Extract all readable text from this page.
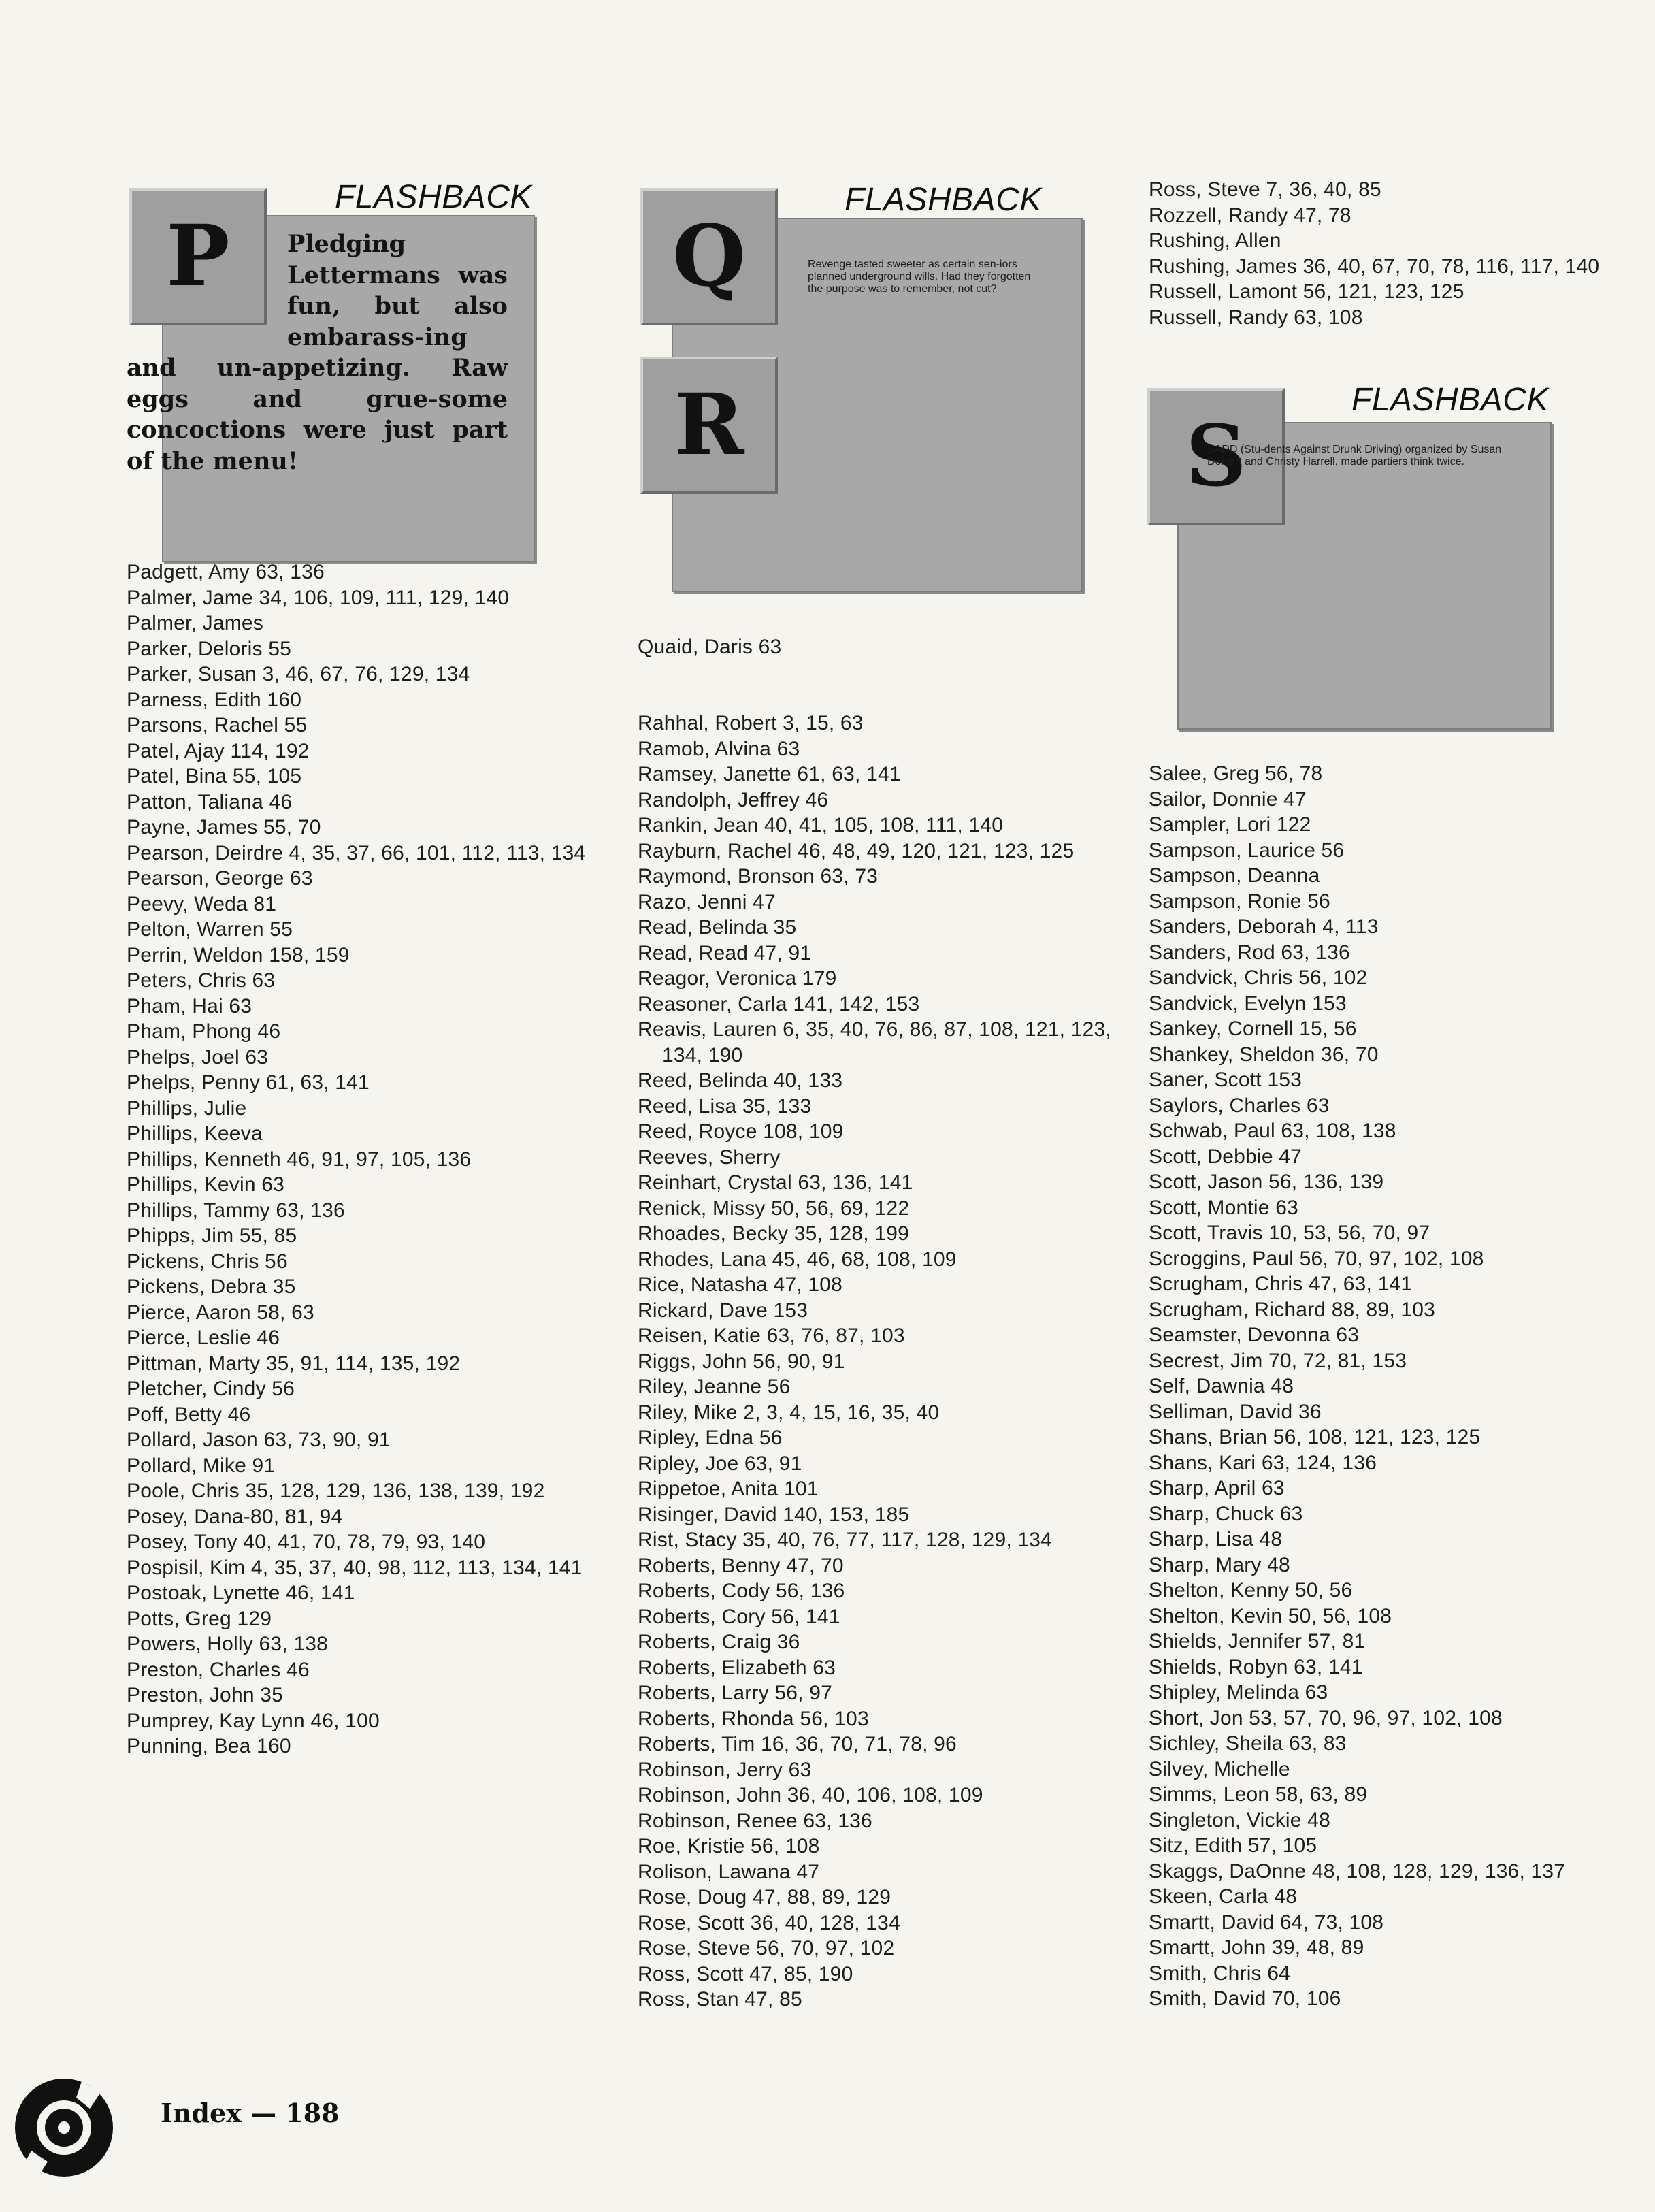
P
FLASHBACK

Pledging Lettermans was fun, but also embarass-ing and un-appetizing. Raw eggs and grue-some concoctions were just part of the menu!

Padgett, Amy 63, 136
Palmer, Jame 34, 106, 109, 111, 129, 140
Palmer, James
Parker, Deloris 55
Parker, Susan 3, 46, 67, 76, 129, 134
Parness, Edith 160
Parsons, Rachel 55
Patel, Ajay 114, 192
Patel, Bina 55, 105
Patton, Taliana 46
Payne, James 55, 70
Pearson, Deirdre 4, 35, 37, 66, 101, 112, 113, 134
Pearson, George 63
Peevy, Weda 81
Pelton, Warren 55
Perrin, Weldon 158, 159
Peters, Chris 63
Pham, Hai 63
Pham, Phong 46
Phelps, Joel 63
Phelps, Penny 61, 63, 141
Phillips, Julie
Phillips, Keeva
Phillips, Kenneth 46, 91, 97, 105, 136
Phillips, Kevin 63
Phillips, Tammy 63, 136
Phipps, Jim 55, 85
Pickens, Chris 56
Pickens, Debra 35
Pierce, Aaron 58, 63
Pierce, Leslie 46
Pittman, Marty 35, 91, 114, 135, 192
Pletcher, Cindy 56
Poff, Betty 46
Pollard, Jason 63, 73, 90, 91
Pollard, Mike 91
Poole, Chris 35, 128, 129, 136, 138, 139, 192
Posey, Dana-80, 81, 94
Posey, Tony 40, 41, 70, 78, 79, 93, 140
Pospisil, Kim 4, 35, 37, 40, 98, 112, 113, 134, 141
Postoak, Lynette 46, 141
Potts, Greg 129
Powers, Holly 63, 138
Preston, Charles 46
Preston, John 35
Pumprey, Kay Lynn 46, 100
Punning, Bea 160
Q
R
FLASHBACK

Revenge tasted sweeter as certain sen-iors planned underground wills. Had they forgotten the purpose was to remember, not cut?

Quaid, Daris 63
Rahhal, Robert 3, 15, 63
Ramob, Alvina 63
Ramsey, Janette 61, 63, 141
Randolph, Jeffrey 46
Rankin, Jean 40, 41, 105, 108, 111, 140
Rayburn, Rachel 46, 48, 49, 120, 121, 123, 125
Raymond, Bronson 63, 73
Razo, Jenni 47
Read, Belinda 35
Read, Read 47, 91
Reagor, Veronica 179
Reasoner, Carla 141, 142, 153
Reavis, Lauren 6, 35, 40, 76, 86, 87, 108, 121, 123, 134, 190
Reed, Belinda 40, 133
Reed, Lisa 35, 133
Reed, Royce 108, 109
Reeves, Sherry
Reinhart, Crystal 63, 136, 141
Renick, Missy 50, 56, 69, 122
Rhoades, Becky 35, 128, 199
Rhodes, Lana 45, 46, 68, 108, 109
Rice, Natasha 47, 108
Rickard, Dave 153
Reisen, Katie 63, 76, 87, 103
Riggs, John 56, 90, 91
Riley, Jeanne 56
Riley, Mike 2, 3, 4, 15, 16, 35, 40
Ripley, Edna 56
Ripley, Joe 63, 91
Rippetoe, Anita 101
Risinger, David 140, 153, 185
Rist, Stacy 35, 40, 76, 77, 117, 128, 129, 134
Roberts, Benny 47, 70
Roberts, Cody 56, 136
Roberts, Cory 56, 141
Roberts, Craig 36
Roberts, Elizabeth 63
Roberts, Larry 56, 97
Roberts, Rhonda 56, 103
Roberts, Tim 16, 36, 70, 71, 78, 96
Robinson, Jerry 63
Robinson, John 36, 40, 106, 108, 109
Robinson, Renee 63, 136
Roe, Kristie 56, 108
Rolison, Lawana 47
Rose, Doug 47, 88, 89, 129
Rose, Scott 36, 40, 128, 134
Rose, Steve 56, 70, 97, 102
Ross, Scott 47, 85, 190
Ross, Stan 47, 85
Ross, Steve 7, 36, 40, 85
Rozzell, Randy 47, 78
Rushing, Allen
Rushing, James 36, 40, 67, 70, 78, 116, 117, 140
Russell, Lamont 56, 121, 123, 125
Russell, Randy 63, 108
S
FLASHBACK

SADD (Stu-dents Against Drunk Driving) organized by Susan DeHart and Christy Harrell, made partiers think twice.

Salee, Greg 56, 78
Sailor, Donnie 47
Sampler, Lori 122
Sampson, Laurice 56
Sampson, Deanna
Sampson, Ronie 56
Sanders, Deborah 4, 113
Sanders, Rod 63, 136
Sandvick, Chris 56, 102
Sandvick, Evelyn 153
Sankey, Cornell 15, 56
Shankey, Sheldon 36, 70
Saner, Scott 153
Saylors, Charles 63
Schwab, Paul 63, 108, 138
Scott, Debbie 47
Scott, Jason 56, 136, 139
Scott, Montie 63
Scott, Travis 10, 53, 56, 70, 97
Scroggins, Paul 56, 70, 97, 102, 108
Scrugham, Chris 47, 63, 141
Scrugham, Richard 88, 89, 103
Seamster, Devonna 63
Secrest, Jim 70, 72, 81, 153
Self, Dawnia 48
Selliman, David 36
Shans, Brian 56, 108, 121, 123, 125
Shans, Kari 63, 124, 136
Sharp, April 63
Sharp, Chuck 63
Sharp, Lisa 48
Sharp, Mary 48
Shelton, Kenny 50, 56
Shelton, Kevin 50, 56, 108
Shields, Jennifer 57, 81
Shields, Robyn 63, 141
Shipley, Melinda 63
Short, Jon 53, 57, 70, 96, 97, 102, 108
Sichley, Sheila 63, 83
Silvey, Michelle
Simms, Leon 58, 63, 89
Singleton, Vickie 48
Sitz, Edith 57, 105
Skaggs, DaOnne 48, 108, 128, 129, 136, 137
Skeen, Carla 48
Smartt, David 64, 73, 108
Smartt, John 39, 48, 89
Smith, Chris 64
Smith, David 70, 106
Index — 188
